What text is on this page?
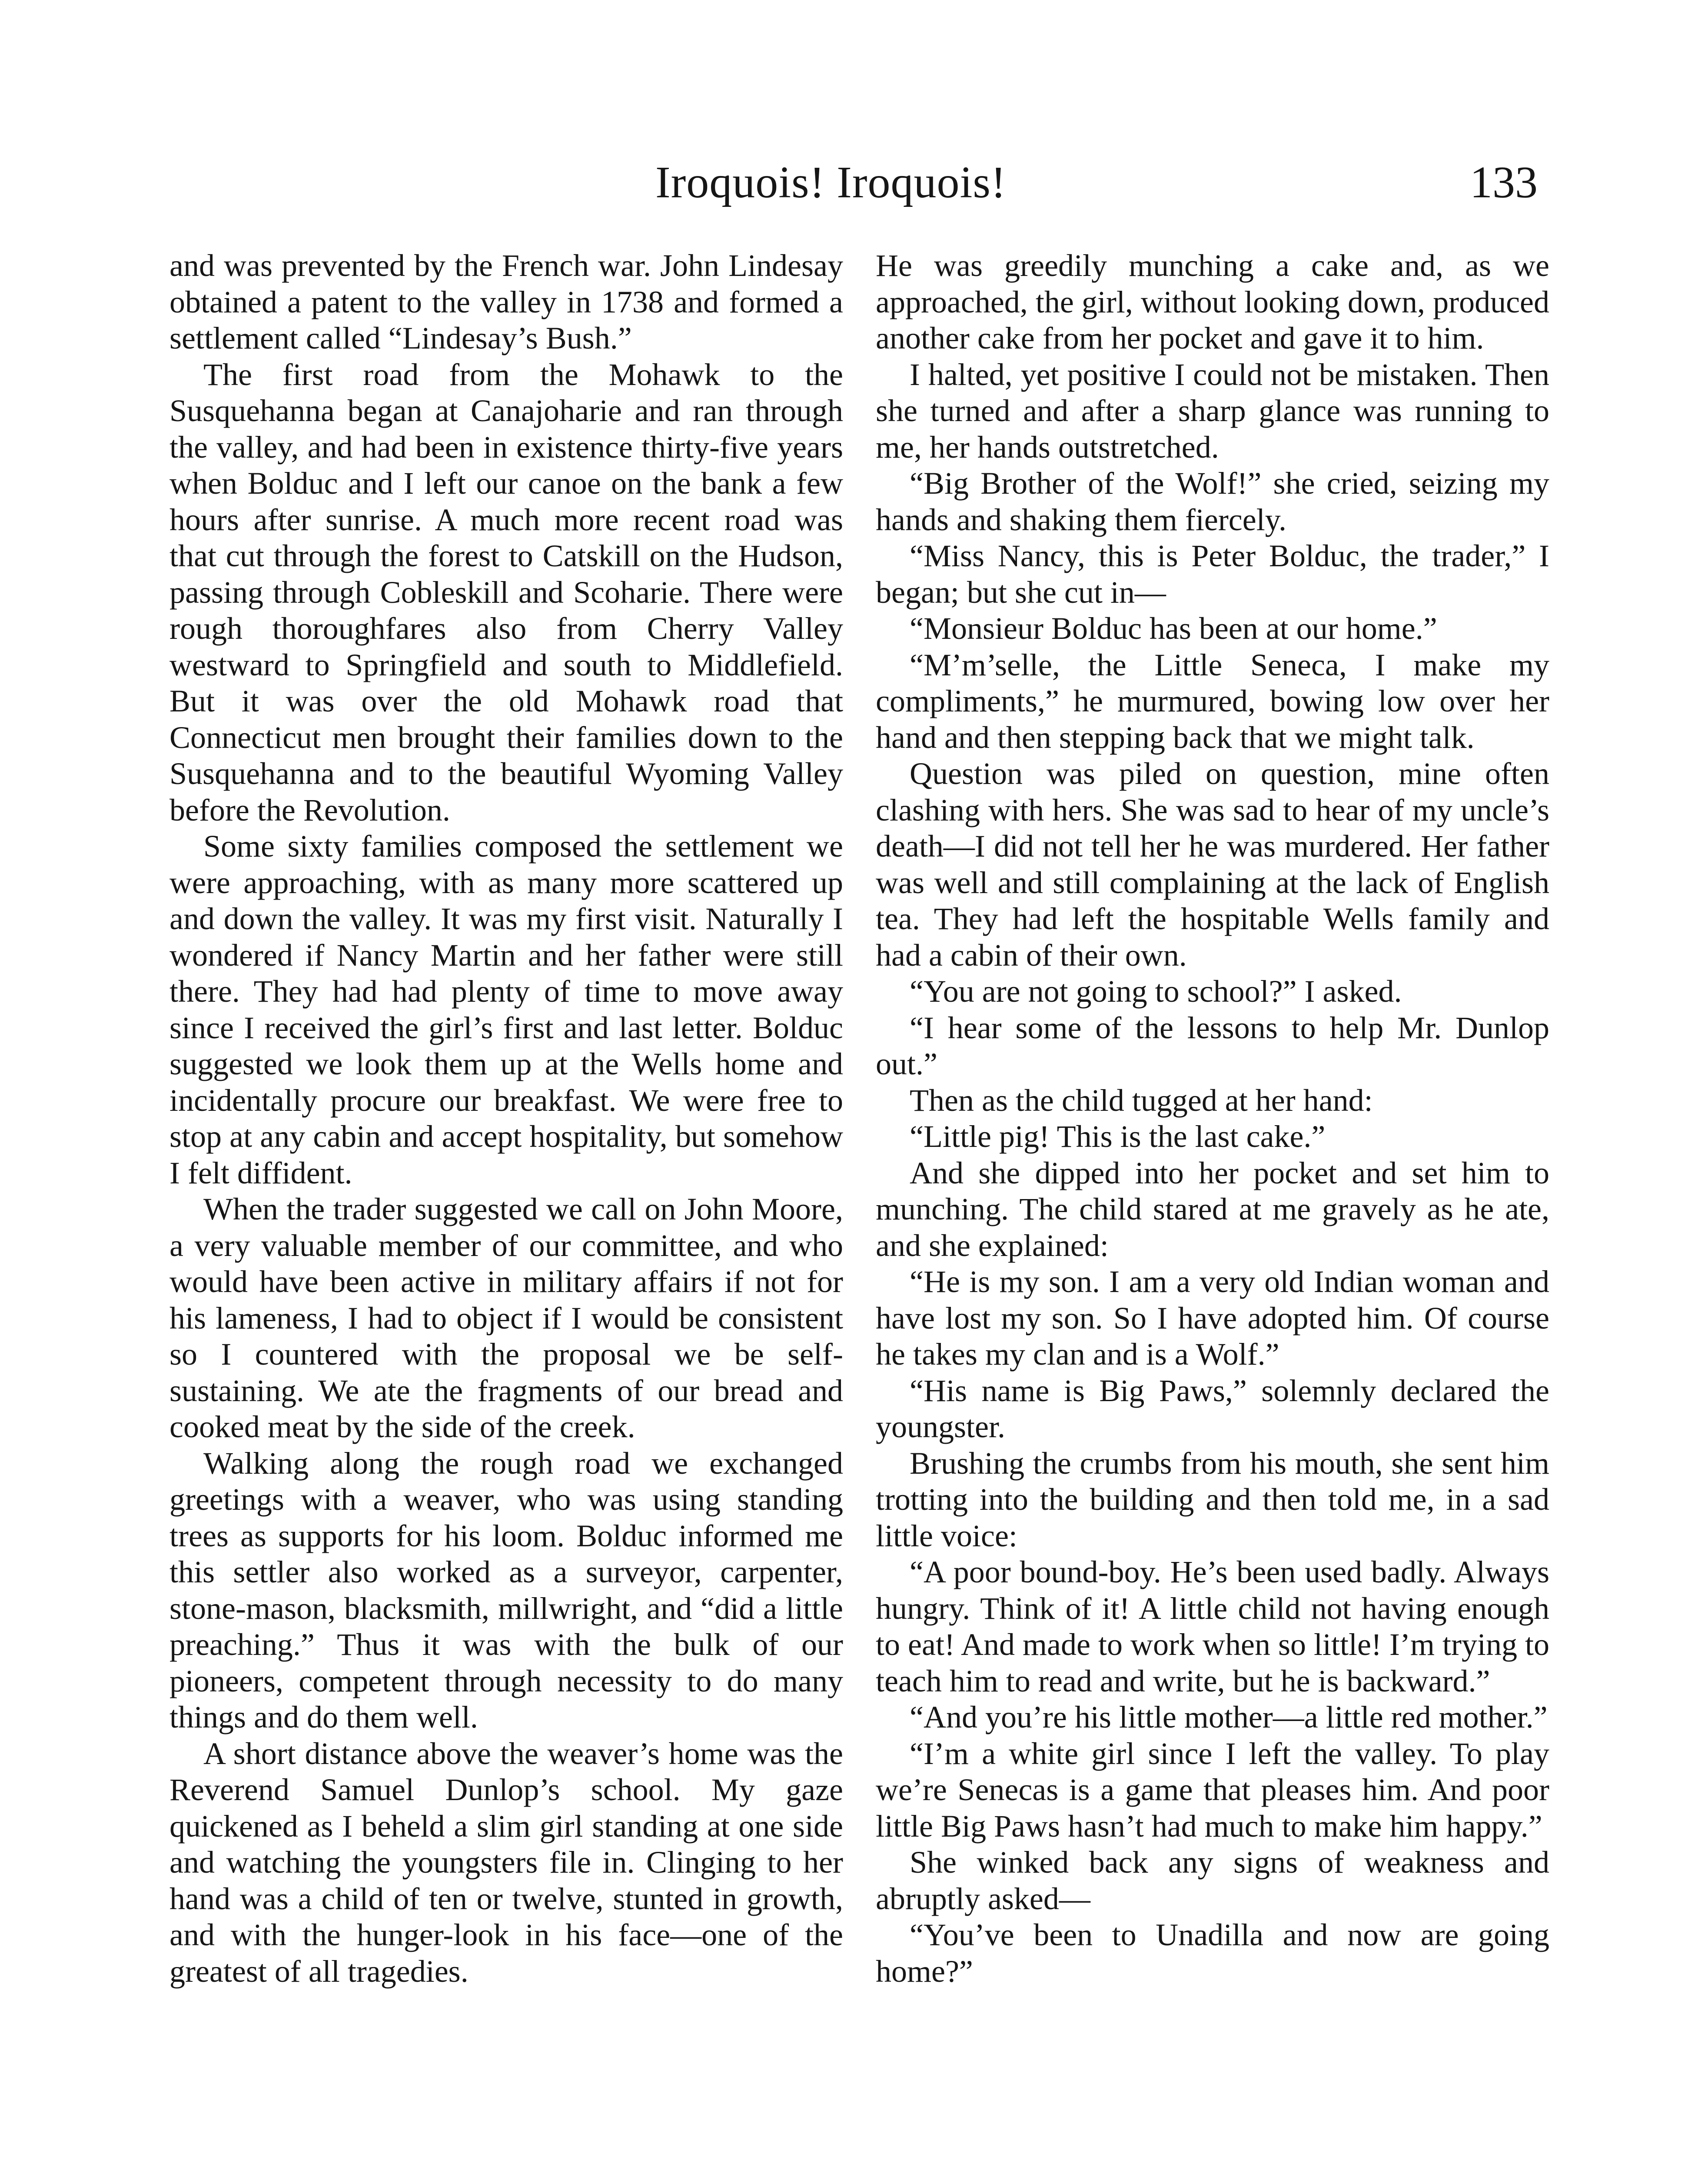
Iroquois! Iroquois!	133

and was prevented by the French war. John Lindesay obtained a patent to the valley in 1738 and formed a settlement called “Lindesay’s Bush.”

The first road from the Mohawk to the Susquehanna began at Canajoharie and ran through the valley, and had been in existence thirty-five years when Bolduc and I left our canoe on the bank a few hours after sunrise. A much more recent road was that cut through the forest to Catskill on the Hudson, passing through Cobleskill and Scoharie. There were rough thoroughfares also from Cherry Valley westward to Springfield and south to Middlefield. But it was over the old Mohawk road that Connecticut men brought their families down to the Susquehanna and to the beautiful Wyoming Valley before the Revolution.

Some sixty families composed the settlement we were approaching, with as many more scattered up and down the valley. It was my first visit. Naturally I wondered if Nancy Martin and her father were still there. They had had plenty of time to move away since I received the girl’s first and last letter. Bolduc suggested we look them up at the Wells home and incidentally procure our breakfast. We were free to stop at any cabin and accept hospitality, but somehow I felt diffident.

When the trader suggested we call on John Moore, a very valuable member of our committee, and who would have been active in military affairs if not for his lameness, I had to object if I would be consistent so I countered with the proposal we be self-sustaining. We ate the fragments of our bread and cooked meat by the side of the creek.

Walking along the rough road we exchanged greetings with a weaver, who was using standing trees as supports for his loom. Bolduc informed me this settler also worked as a surveyor, carpenter, stone-mason, blacksmith, millwright, and “did a little preaching.” Thus it was with the bulk of our pioneers, competent through necessity to do many things and do them well.

A short distance above the weaver’s home was the Reverend Samuel Dunlop’s school. My gaze quickened as I beheld a slim girl standing at one side and watching the youngsters file in. Clinging to her hand was a child of ten or twelve, stunted in growth, and with the hunger-look in his face—one of the greatest of all tragedies.

He was greedily munching a cake and, as we approached, the girl, without looking down, produced another cake from her pocket and gave it to him.

I halted, yet positive I could not be mistaken. Then she turned and after a sharp glance was running to me, her hands outstretched.

“Big Brother of the Wolf!” she cried, seizing my hands and shaking them fiercely.

“Miss Nancy, this is Peter Bolduc, the trader,” I began; but she cut in—

“Monsieur Bolduc has been at our home.”

“M’m’selle, the Little Seneca, I make my compliments,” he murmured, bowing low over her hand and then stepping back that we might talk.

Question was piled on question, mine often clashing with hers. She was sad to hear of my uncle’s death—I did not tell her he was murdered. Her father was well and still complaining at the lack of English tea. They had left the hospitable Wells family and had a cabin of their own.

“You are not going to school?” I asked.

“I hear some of the lessons to help Mr. Dunlop out.”

Then as the child tugged at her hand:

“Little pig! This is the last cake.”

And she dipped into her pocket and set him to munching. The child stared at me gravely as he ate, and she explained:

“He is my son. I am a very old Indian woman and have lost my son. So I have adopted him. Of course he takes my clan and is a Wolf.”

“His name is Big Paws,” solemnly declared the youngster.

Brushing the crumbs from his mouth, she sent him trotting into the building and then told me, in a sad little voice:

“A poor bound-boy. He’s been used badly. Always hungry. Think of it! A little child not having enough to eat! And made to work when so little! I’m trying to teach him to read and write, but he is backward.”

“And you’re his little mother—a little red mother.”

“I’m a white girl since I left the valley. To play we’re Senecas is a game that pleases him. And poor little Big Paws hasn’t had much to make him happy.”

She winked back any signs of weakness and abruptly asked—

“You’ve been to Unadilla and now are going home?”
